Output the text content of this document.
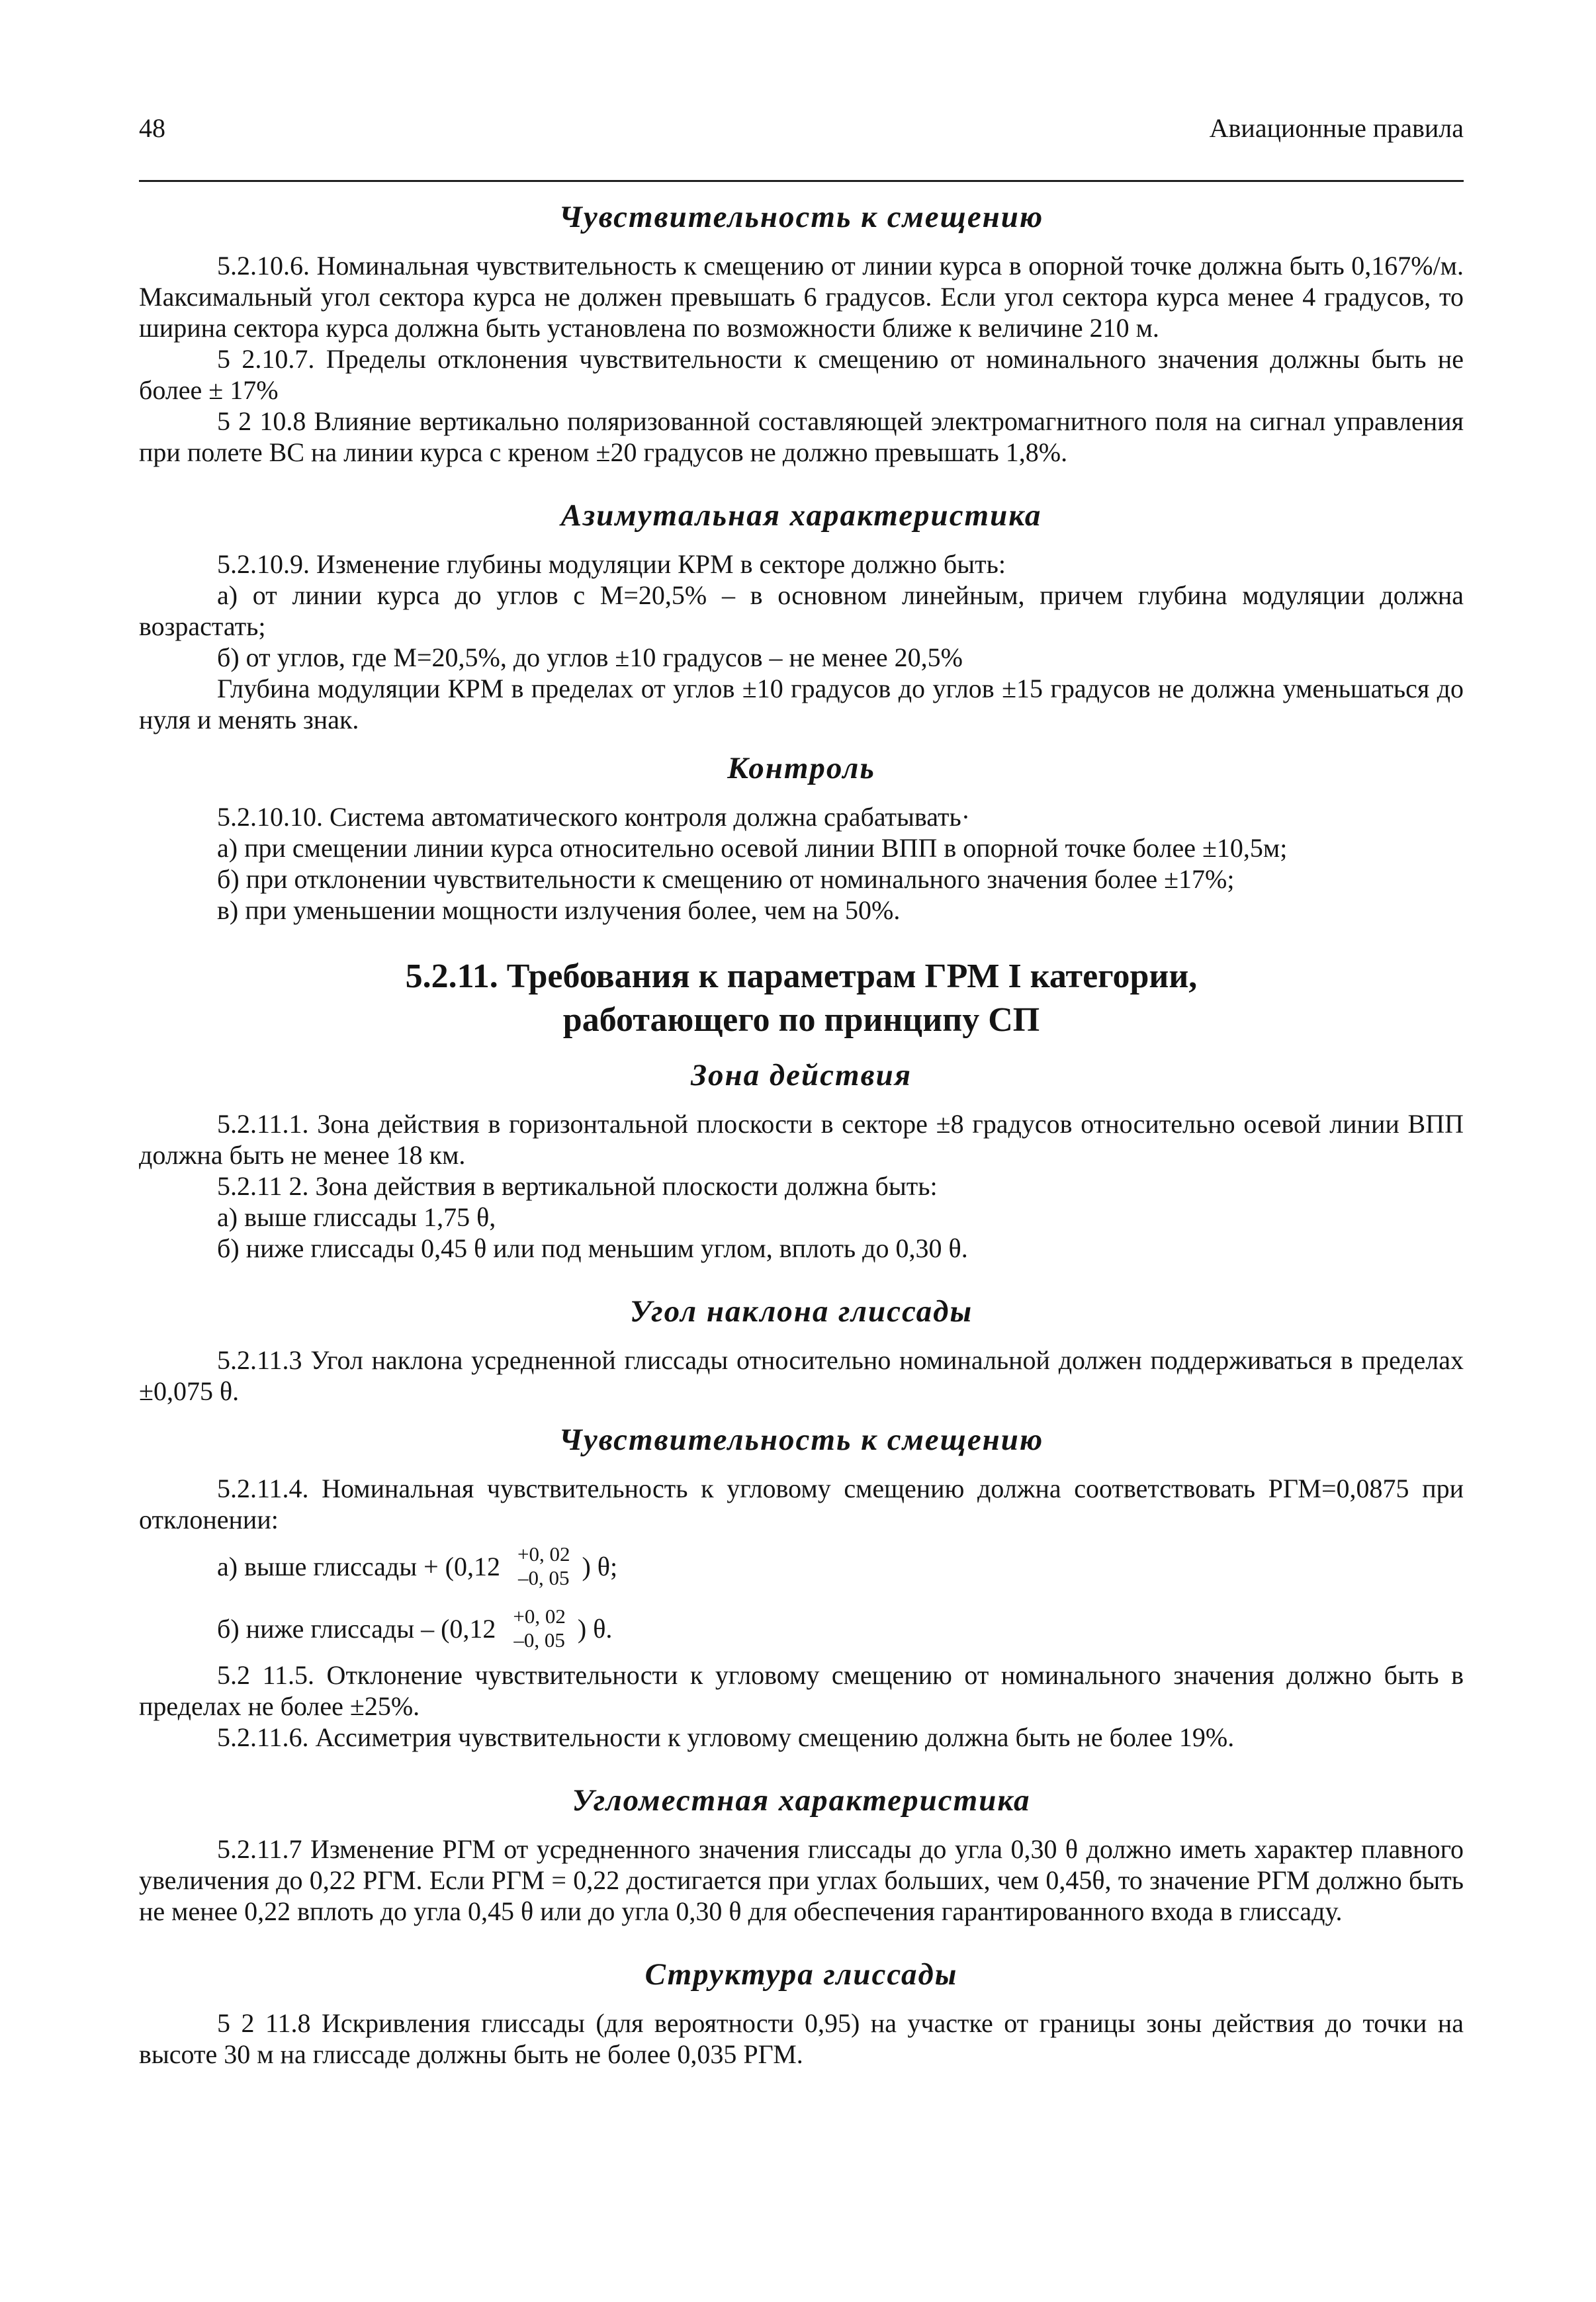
48	Авиационные правила

Чувствительность к смещению

5.2.10.6. Номинальная чувствительность к смещению от линии курса в опорной точке должна быть 0,167%/м. Максимальный угол сектора курса не должен превышать 6 градусов. Если угол сектора курса менее 4 градусов, то ширина сектора курса должна быть установлена по возможности ближе к величине 210 м.

5 2.10.7. Пределы отклонения чувствительности к смещению от номинального значения должны быть не более ± 17%

5 2 10.8 Влияние вертикально поляризованной составляющей электромагнитного поля на сигнал управления при полете ВС на линии курса с креном ±20 градусов не должно превышать 1,8%.

Азимутальная характеристика

5.2.10.9. Изменение глубины модуляции КРМ в секторе должно быть:

а) от линии курса до углов с М=20,5% – в основном линейным, причем глубина модуляции должна возрастать;

б) от углов, где М=20,5%, до углов ±10 градусов – не менее 20,5%

Глубина модуляции КРМ в пределах от углов ±10 градусов до углов ±15 градусов не должна уменьшаться до нуля и менять знак.

Контроль

5.2.10.10. Система автоматического контроля должна срабатывать·

а) при смещении линии курса относительно осевой линии ВПП в опорной точке более ±10,5м;

б) при отклонении чувствительности к смещению от номинального значения более ±17%;

в) при уменьшении мощности излучения более, чем на 50%.

5.2.11. Требования к параметрам ГРМ I категории,

работающего по принципу СП

Зона действия

5.2.11.1. Зона действия в горизонтальной плоскости в секторе ±8 градусов относительно осевой линии ВПП должна быть не менее 18 км.

5.2.11 2. Зона действия в вертикальной плоскости должна быть:

а) выше глиссады 1,75 θ,

б) ниже глиссады 0,45 θ или под меньшим углом, вплоть до 0,30 θ.

Угол наклона глиссады

5.2.11.3 Угол наклона усредненной глиссады относительно номинальной должен поддерживаться в пределах ±0,075 θ.

Чувствительность к смещению

5.2.11.4. Номинальная чувствительность к угловому смещению должна соответствовать РГМ=0,0875 при отклонении:

а) выше глиссады + (0,12 +0, 02
–0, 05 ) θ;
б) ниже глиссады – (0,12 +0, 02
–0, 05 ) θ.

5.2 11.5. Отклонение чувствительности к угловому смещению от номинального значения должно быть в пределах не более ±25%.

5.2.11.6. Ассиметрия чувствительности к угловому смещению должна быть не более 19%.

Угломестная характеристика

5.2.11.7 Изменение РГМ от усредненного значения глиссады до угла 0,30 θ должно иметь характер плавного увеличения до 0,22 РГМ. Если РГМ = 0,22 достигается при углах больших, чем 0,45θ, то значение РГМ должно быть не менее 0,22 вплоть до угла 0,45 θ или до угла 0,30 θ для обеспечения гарантированного входа в глиссаду.

Структура глиссады

5 2 11.8 Искривления глиссады (для вероятности 0,95) на участке от границы зоны действия до точки на высоте 30 м на глиссаде должны быть не более 0,035 РГМ.
